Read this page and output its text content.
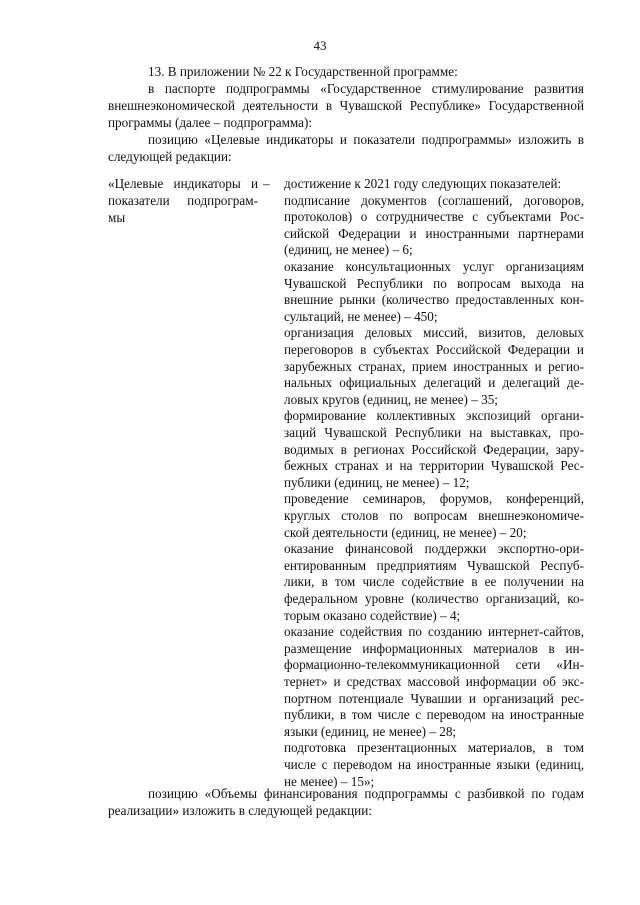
43

13. В приложении № 22 к Государственной программе:

в паспорте подпрограммы «Государственное стимулирование развития

внешнеэкономической деятельности в Чувашской Республике» Государственной

программы (далее – подпрограмма):

позицию «Целевые индикаторы и показатели подпрограммы» изложить в

следующей редакции:

«Целевые индикаторы и

показатели подпрограм-

мы

– достижение к 2021 году следующих показателей:

подписание документов (соглашений, договоров,

протоколов) о сотрудничестве с субъектами Рос-

сийской Федерации и иностранными партнерами

(единиц, не менее) – 6;

оказание консультационных услуг организациям

Чувашской Республики по вопросам выхода на

внешние рынки (количество предоставленных кон-

сультаций, не менее) – 450;

организация деловых миссий, визитов, деловых

переговоров в субъектах Российской Федерации и

зарубежных странах, прием иностранных и регио-

нальных официальных делегаций и делегаций де-

ловых кругов (единиц, не менее) – 35;

формирование коллективных экспозиций органи-

заций Чувашской Республики на выставках, про-

водимых в регионах Российской Федерации, зару-

бежных странах и на территории Чувашской Рес-

публики (единиц, не менее) – 12;

проведение семинаров, форумов, конференций,

круглых столов по вопросам внешнеэкономиче-

ской деятельности (единиц, не менее) – 20;

оказание финансовой поддержки экспортно-ори-

ентированным предприятиям Чувашской Респуб-

лики, в том числе содействие в ее получении на

федеральном уровне (количество организаций, ко-

торым оказано содействие) – 4;

оказание содействия по созданию интернет-сайтов,

размещение информационных материалов в ин-

формационно-телекоммуникационной сети «Ин-

тернет» и средствах массовой информации об экс-

портном потенциале Чувашии и организаций рес-

публики, в том числе с переводом на иностранные

языки (единиц, не менее) – 28;

подготовка презентационных материалов, в том

числе с переводом на иностранные языки (единиц,

не менее) – 15»;

позицию «Объемы финансирования подпрограммы с разбивкой по годам

реализации» изложить в следующей редакции:
